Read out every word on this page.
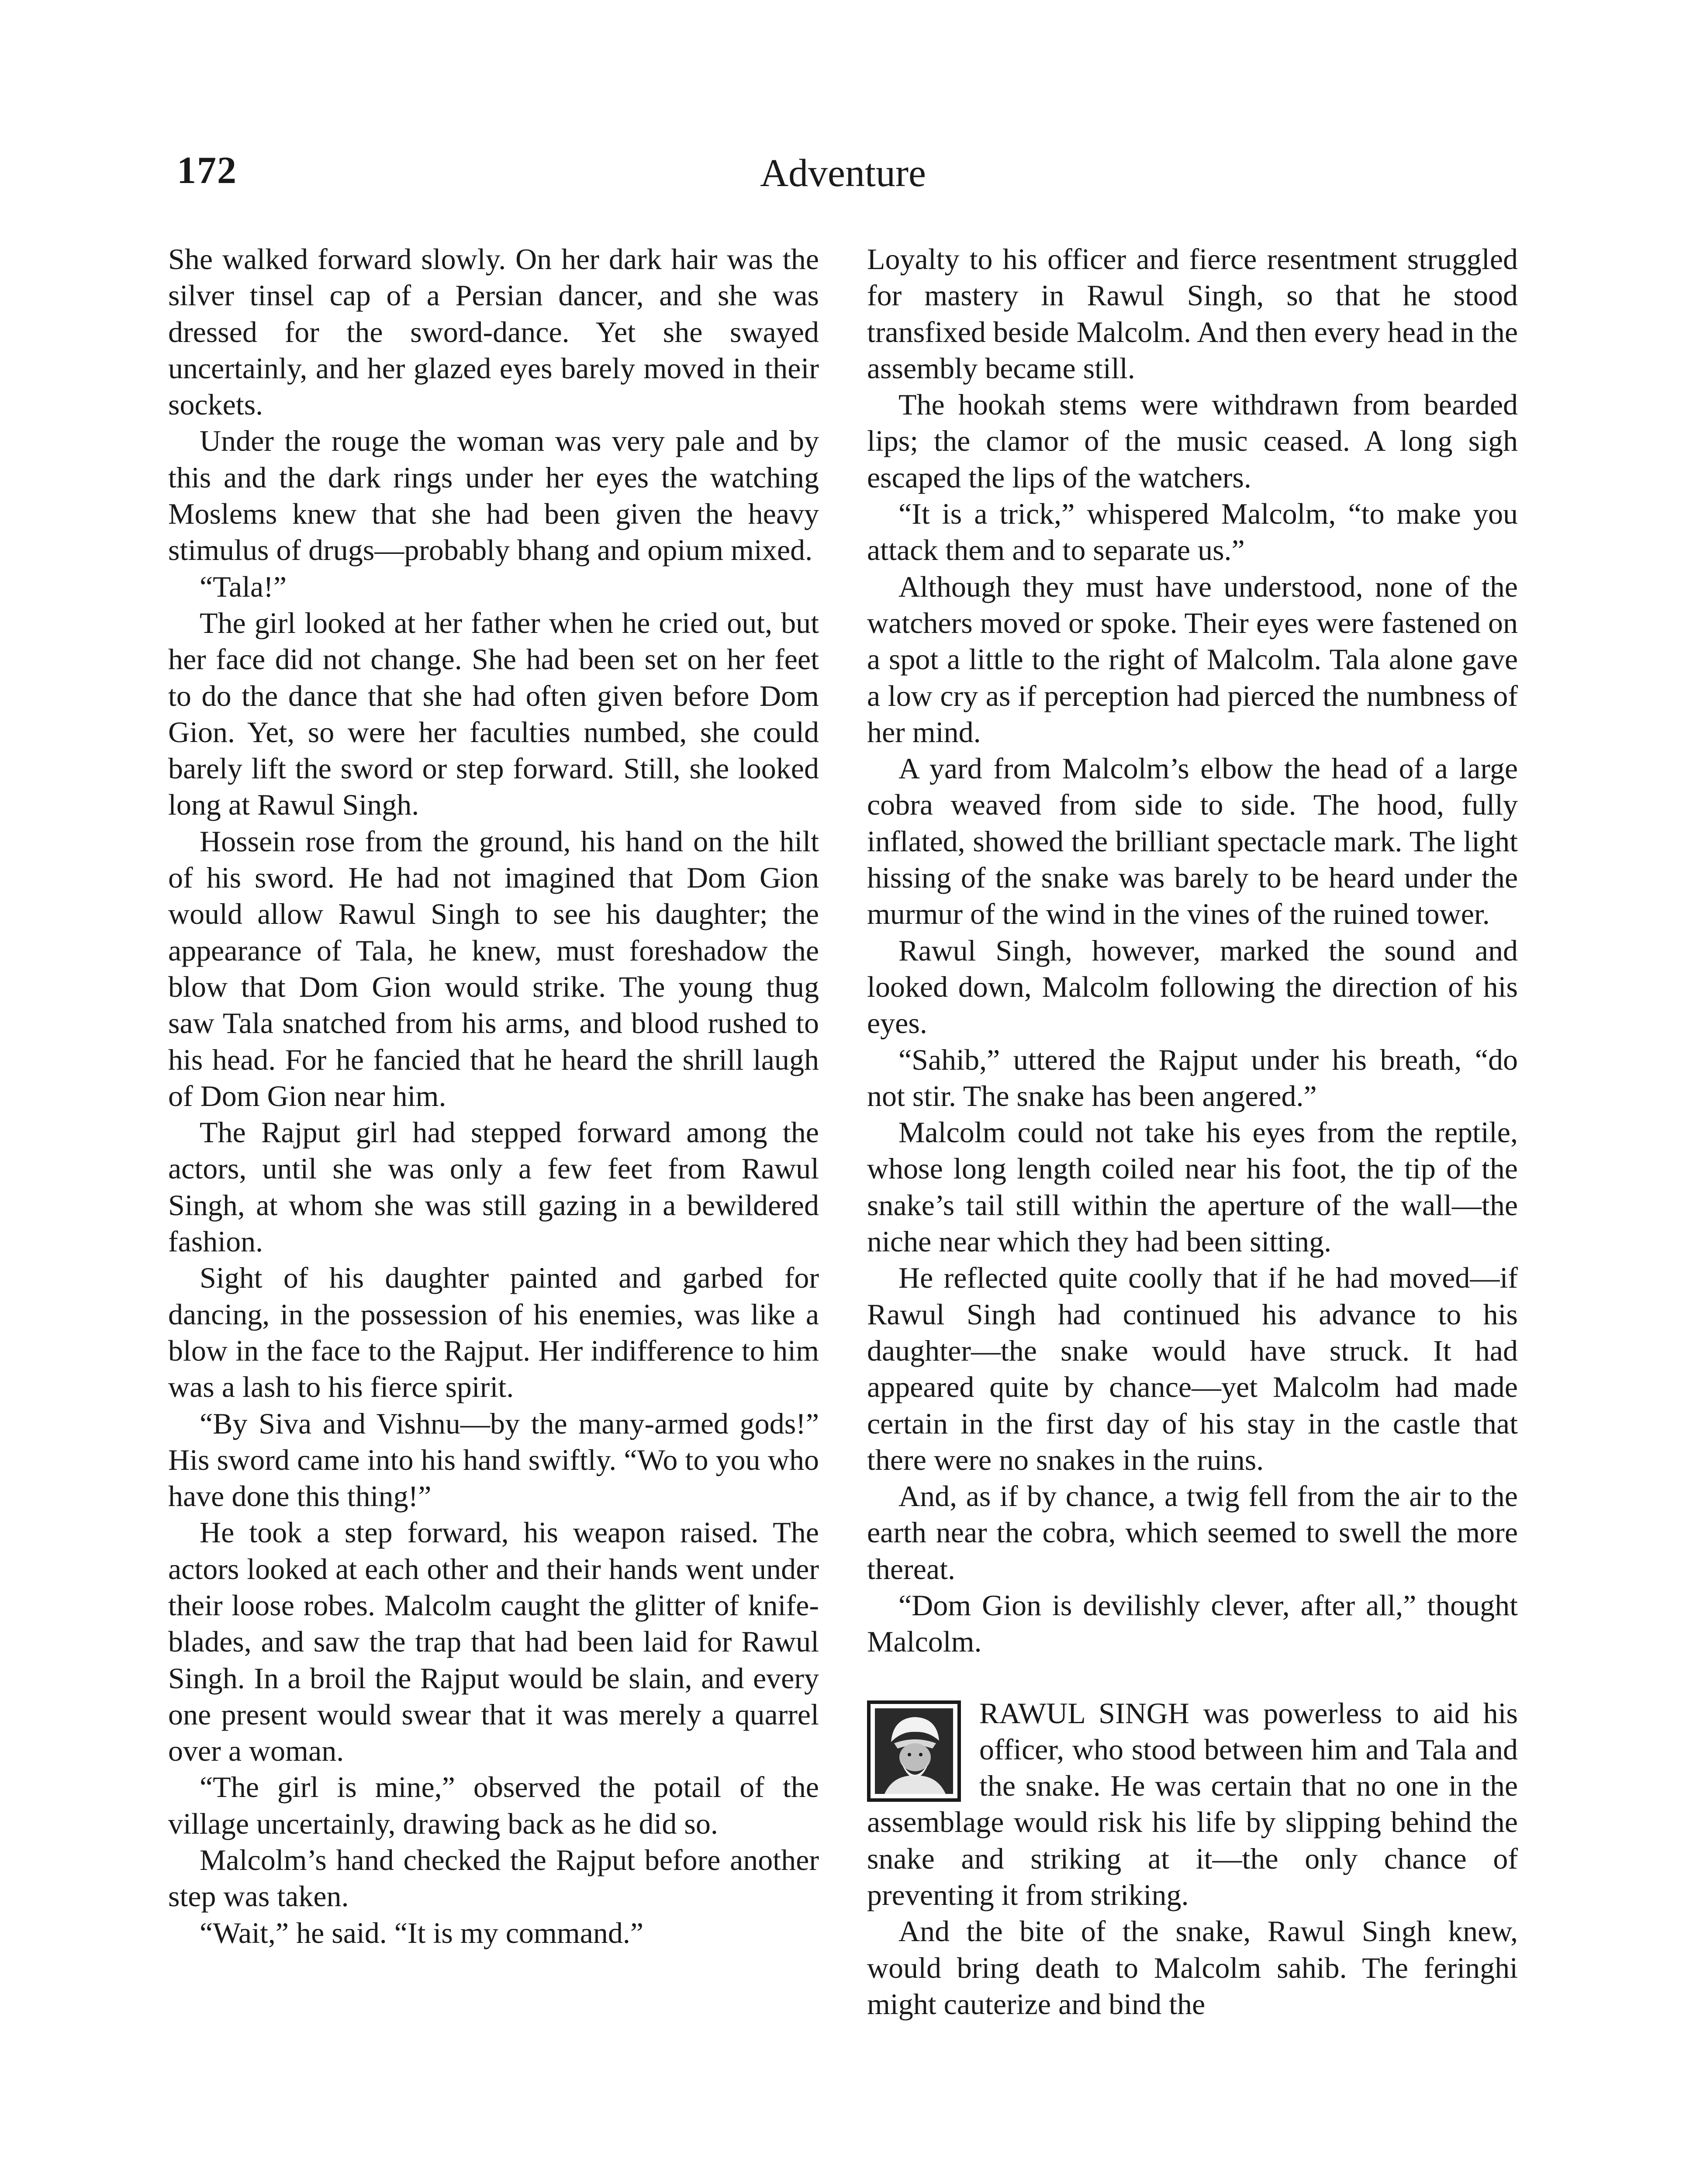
172	Adventure

She walked forward slowly. On her dark hair was the silver tinsel cap of a Persian dancer, and she was dressed for the sword-dance. Yet she swayed uncertainly, and her glazed eyes barely moved in their sockets.

Under the rouge the woman was very pale and by this and the dark rings under her eyes the watching Moslems knew that she had been given the heavy stimulus of drugs—probably bhang and opium mixed.

“Tala!”

The girl looked at her father when he cried out, but her face did not change. She had been set on her feet to do the dance that she had often given before Dom Gion. Yet, so were her faculties numbed, she could barely lift the sword or step forward. Still, she looked long at Rawul Singh.

Hossein rose from the ground, his hand on the hilt of his sword. He had not imagined that Dom Gion would allow Rawul Singh to see his daughter; the appearance of Tala, he knew, must foreshadow the blow that Dom Gion would strike. The young thug saw Tala snatched from his arms, and blood rushed to his head. For he fancied that he heard the shrill laugh of Dom Gion near him.

The Rajput girl had stepped forward among the actors, until she was only a few feet from Rawul Singh, at whom she was still gazing in a bewildered fashion.

Sight of his daughter painted and garbed for dancing, in the possession of his enemies, was like a blow in the face to the Rajput. Her indifference to him was a lash to his fierce spirit.

“By Siva and Vishnu—by the many-armed gods!” His sword came into his hand swiftly. “Wo to you who have done this thing!”

He took a step forward, his weapon raised. The actors looked at each other and their hands went under their loose robes. Malcolm caught the glitter of knife-blades, and saw the trap that had been laid for Rawul Singh. In a broil the Rajput would be slain, and every one present would swear that it was merely a quarrel over a woman.

“The girl is mine,” observed the potail of the village uncertainly, drawing back as he did so.

Malcolm’s hand checked the Rajput before another step was taken.

“Wait,” he said. “It is my command.”

Loyalty to his officer and fierce resentment struggled for mastery in Rawul Singh, so that he stood transfixed beside Malcolm. And then every head in the assembly became still.

The hookah stems were withdrawn from bearded lips; the clamor of the music ceased. A long sigh escaped the lips of the watchers.

“It is a trick,” whispered Malcolm, “to make you attack them and to separate us.”

Although they must have understood, none of the watchers moved or spoke. Their eyes were fastened on a spot a little to the right of Malcolm. Tala alone gave a low cry as if perception had pierced the numbness of her mind.

A yard from Malcolm’s elbow the head of a large cobra weaved from side to side. The hood, fully inflated, showed the brilliant spectacle mark. The light hissing of the snake was barely to be heard under the murmur of the wind in the vines of the ruined tower.

Rawul Singh, however, marked the sound and looked down, Malcolm following the direction of his eyes.

“Sahib,” uttered the Rajput under his breath, “do not stir. The snake has been angered.”

Malcolm could not take his eyes from the reptile, whose long length coiled near his foot, the tip of the snake’s tail still within the aperture of the wall—the niche near which they had been sitting.

He reflected quite coolly that if he had moved—if Rawul Singh had continued his advance to his daughter—the snake would have struck. It had appeared quite by chance—yet Malcolm had made certain in the first day of his stay in the castle that there were no snakes in the ruins.

And, as if by chance, a twig fell from the air to the earth near the cobra, which seemed to swell the more thereat.

“Dom Gion is devilishly clever, after all,” thought Malcolm.

RAWUL SINGH was powerless to aid his officer, who stood between him and Tala and the snake. He was certain that no one in the assemblage would risk his life by slipping behind the snake and striking at it—the only chance of preventing it from striking.

And the bite of the snake, Rawul Singh knew, would bring death to Malcolm sahib. The feringhi might cauterize and bind the
